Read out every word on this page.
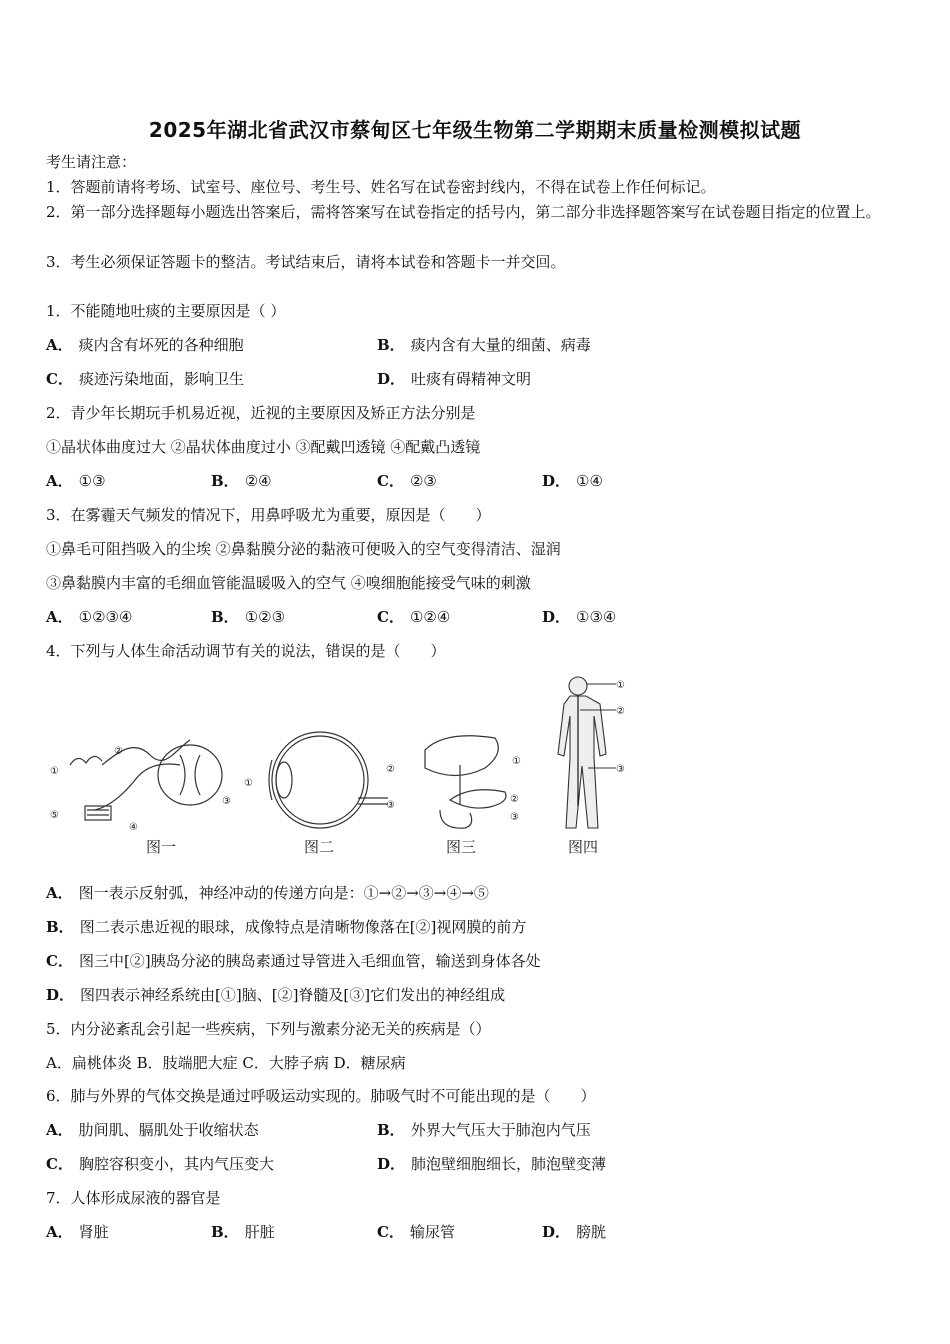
2025年湖北省武汉市蔡甸区七年级生物第二学期期末质量检测模拟试题
考生请注意：
1．答题前请将考场、试室号、座位号、考生号、姓名写在试卷密封线内，不得在试卷上作任何标记。
2．第一部分选择题每小题选出答案后，需将答案写在试卷指定的括号内，第二部分非选择题答案写在试卷题目指定的位置上。
3．考生必须保证答题卡的整洁。考试结束后，请将本试卷和答题卡一并交回。
1．不能随地吐痰的主要原因是（ ）
A． 痰内含有坏死的各种细胞	B． 痰内含有大量的细菌、病毒
C． 痰迹污染地面，影响卫生	D． 吐痰有碍精神文明
2．青少年长期玩手机易近视，近视的主要原因及矫正方法分别是
①晶状体曲度过大 ②晶状体曲度过小 ③配戴凹透镜 ④配戴凸透镜
A． ①③	B． ②④	C． ②③	D． ①④
3．在雾霾天气频发的情况下，用鼻呼吸尤为重要，原因是（　　）
①鼻毛可阻挡吸入的尘埃 ②鼻黏膜分泌的黏液可便吸入的空气变得清洁、湿润
③鼻黏膜内丰富的毛细血管能温暖吸入的空气 ④嗅细胞能接受气味的刺激
A． ①②③④	B． ①②③	C． ①②④	D． ①③④
4．下列与人体生命活动调节有关的说法，错误的是（　　）
①
②
③
④
⑤
图一
①
②
③
图二
①
②
③
图三
①
②
③
图四
A． 图一表示反射弧，神经冲动的传递方向是：①→②→③→④→⑤
B． 图二表示患近视的眼球，成像特点是清晰物像落在[②]视网膜的前方
C． 图三中[②]胰岛分泌的胰岛素通过导管进入毛细血管，输送到身体各处
D． 图四表示神经系统由[①]脑、[②]脊髓及[③]它们发出的神经组成
5．内分泌紊乱会引起一些疾病，下列与激素分泌无关的疾病是（）
A．扁桃体炎 B．肢端肥大症 C．大脖子病 D．糖尿病
6．肺与外界的气体交换是通过呼吸运动实现的。肺吸气时不可能出现的是（　　）
A． 肋间肌、膈肌处于收缩状态	B． 外界大气压大于肺泡内气压
C． 胸腔容积变小，其内气压变大	D． 肺泡壁细胞细长，肺泡壁变薄
7．人体形成尿液的器官是
A． 肾脏	B． 肝脏	C． 输尿管	D． 膀胱
